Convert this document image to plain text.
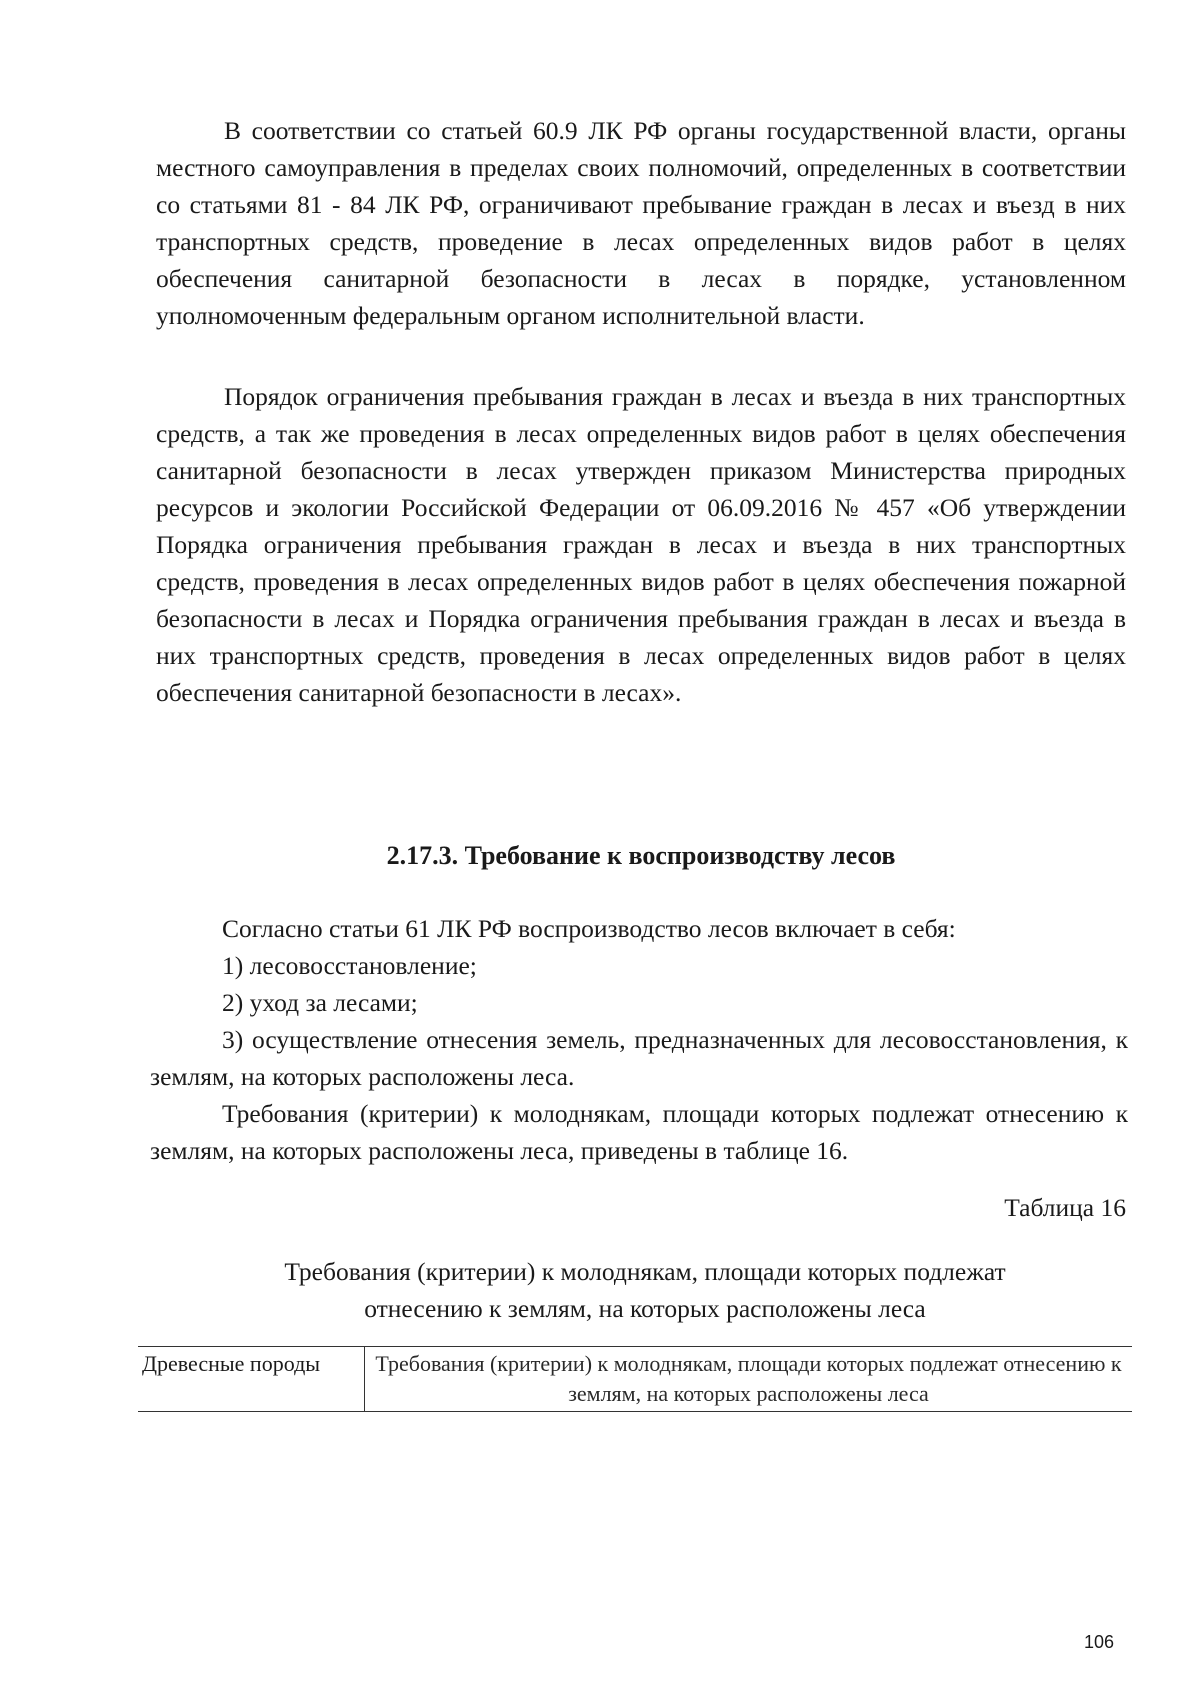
В соответствии со статьей 60.9 ЛК РФ органы государственной власти, органы местного самоуправления в пределах своих полномочий, определенных в соответствии со статьями 81 - 84 ЛК РФ, ограничивают пребывание граждан в лесах и въезд в них транспортных средств, проведение в лесах определенных видов работ в целях обеспечения санитарной безопасности в лесах в порядке, установленном уполномоченным федеральным органом исполнительной власти.

Порядок ограничения пребывания граждан в лесах и въезда в них транспортных средств, а так же проведения в лесах определенных видов работ в целях обеспечения санитарной безопасности в лесах утвержден приказом Министерства природных ресурсов и экологии Российской Федерации от 06.09.2016 № 457 «Об утверждении Порядка ограничения пребывания граждан в лесах и въезда в них транспортных средств, проведения в лесах определенных видов работ в целях обеспечения пожарной безопасности в лесах и Порядка ограничения пребывания граждан в лесах и въезда в них транспортных средств, проведения в лесах определенных видов работ в целях обеспечения санитарной безопасности в лесах».

2.17.3. Требование к воспроизводству лесов

Согласно статьи 61 ЛК РФ воспроизводство лесов включает в себя:

1) лесовосстановление;

2) уход за лесами;

3) осуществление отнесения земель, предназначенных для лесовосстановления, к землям, на которых расположены леса.

Требования (критерии) к молоднякам, площади которых подлежат отнесению к землям, на которых расположены леса, приведены в таблице 16.

Таблица 16

Требования (критерии) к молоднякам, площади которых подлежат
отнесению к землям, на которых расположены леса

Древесные породы	Требования (критерии) к молоднякам, площади которых подлежат отнесению к землям, на которых расположены леса

106
